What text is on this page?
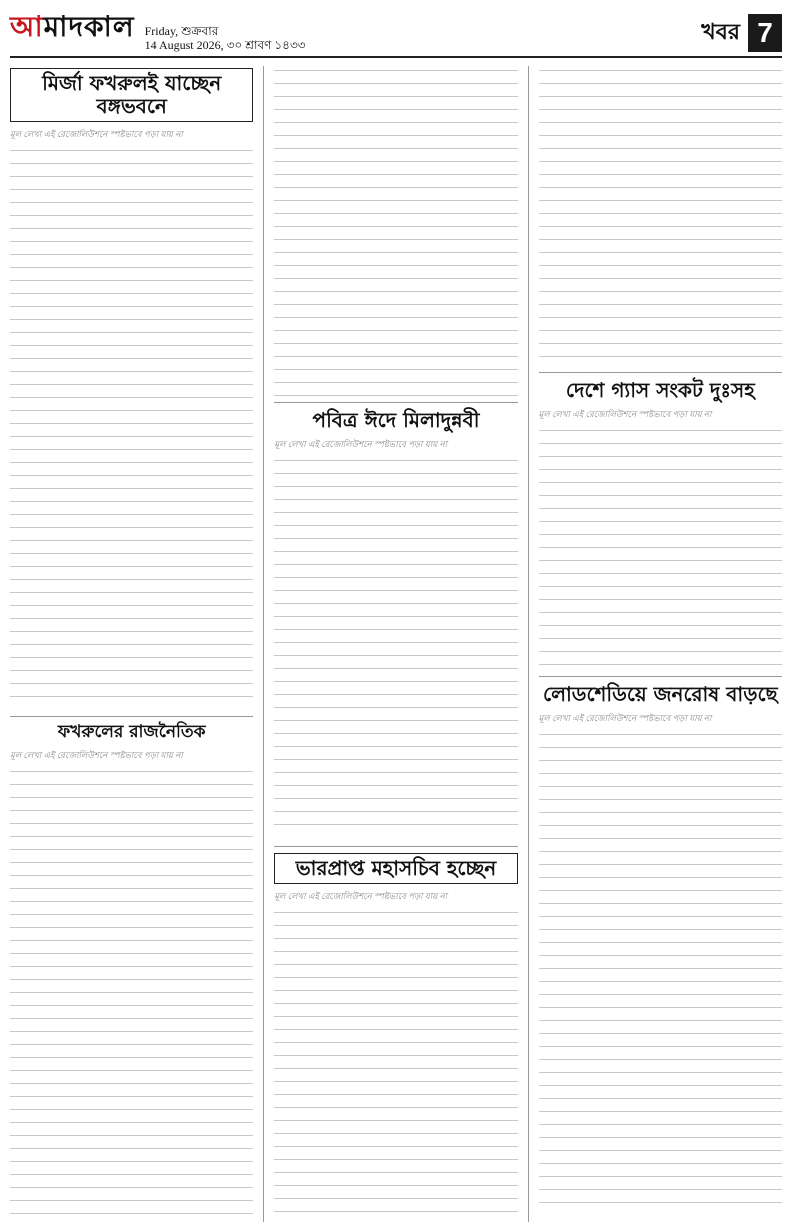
আমাদকাল Friday, শুক্রবার
14 August 2026, ৩০ শ্রাবণ ১৪৩৩
খবর 7
মির্জা ফখরুলই যাচ্ছেন বঙ্গভবনে

মূল লেখা এই রেজোলিউশনে স্পষ্টভাবে পড়া যায় না

ফখরুলের রাজনৈতিক

মূল লেখা এই রেজোলিউশনে স্পষ্টভাবে পড়া যায় না

পবিত্র ঈদে মিলাদুন্নবী

মূল লেখা এই রেজোলিউশনে স্পষ্টভাবে পড়া যায় না

ভারপ্রাপ্ত মহাসচিব হচ্ছেন

মূল লেখা এই রেজোলিউশনে স্পষ্টভাবে পড়া যায় না

দেশে গ্যাস সংকট দুঃসহ

মূল লেখা এই রেজোলিউশনে স্পষ্টভাবে পড়া যায় না

লোডশেডিয়ে জনরোষ বাড়ছে

মূল লেখা এই রেজোলিউশনে স্পষ্টভাবে পড়া যায় না
